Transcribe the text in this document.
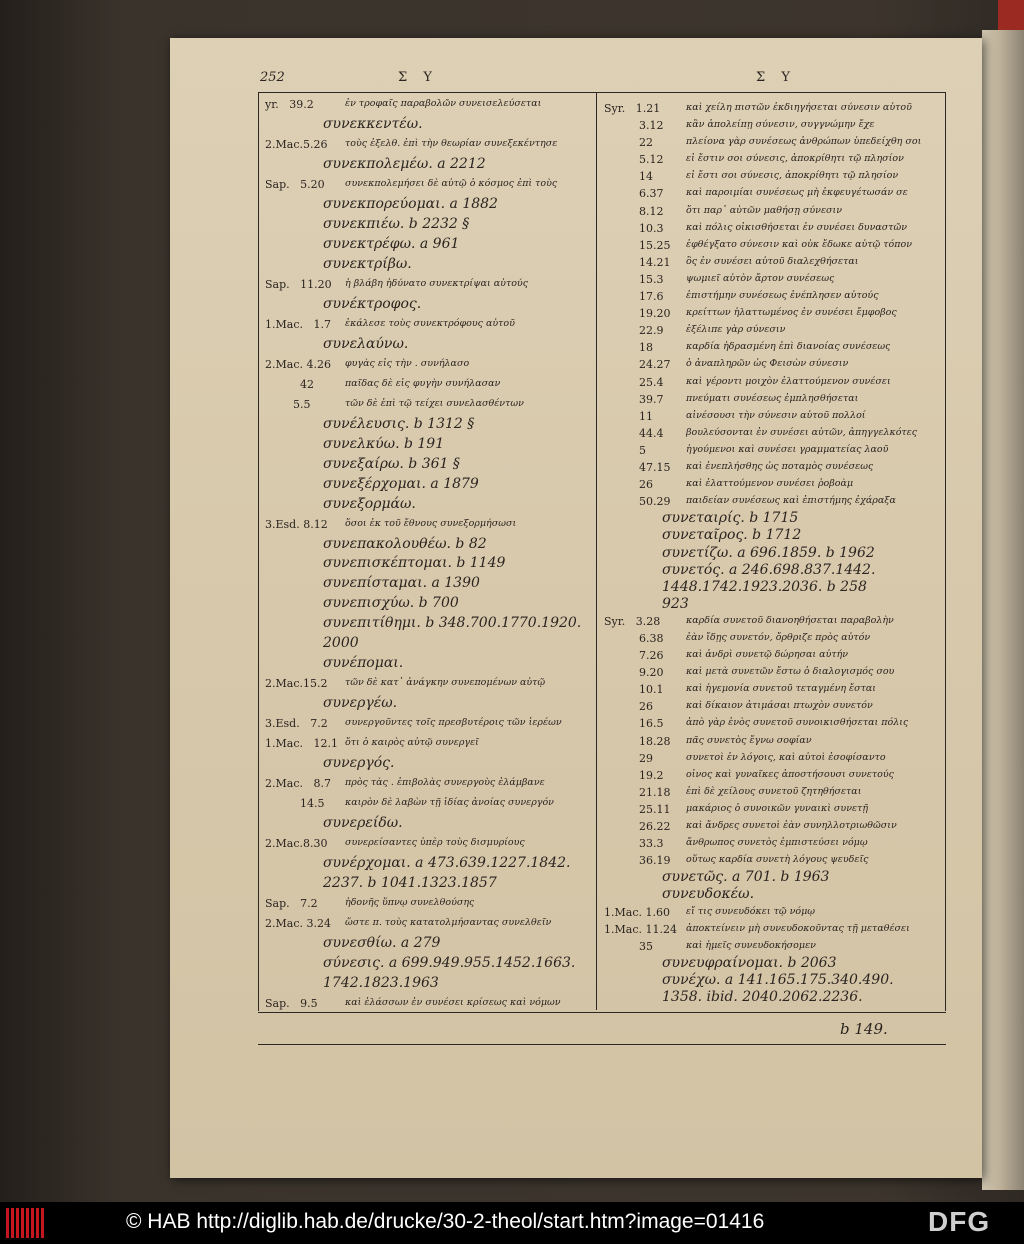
252	Σ Υ	Σ Υ
b 149.
yr.   39.2	ἐν τροφαῖς παραβολῶν συνεισελεύσεται
συνεκκεντέω.
2.Mac.5.26 τοὺς ἐξελθ. ἐπὶ τὴν θεωρίαν συνεξεκέντησε
συνεκπολεμέω. a 2212
Sap.   5.20 συνεκπολεμήσει δὲ αὐτῷ ὁ κόσμος ἐπὶ τοὺς
συνεκπορεύομαι. a 1882
συνεκπιέω. b 2232 §
συνεκτρέφω. a 961
συνεκτρίβω.
Sap.   11.20 ἡ βλάβη ἠδύνατο συνεκτρίψαι αὐτούς
συνέκτροφος.
1.Mac.   1.7 ἐκάλεσε τοὺς συνεκτρόφους αὐτοῦ
συνελαύνω.
2.Mac. 4.26 φυγὰς εἰς τὴν . συνήλασο
42	παῖδας δὲ εἰς φυγὴν συνήλασαν
5.5	τῶν δὲ ἐπὶ τῷ τείχει συνελασθέντων
συνέλευσις. b 1312 §
συνελκύω. b 191
συνεξαίρω. b 361 §
συνεξέρχομαι. a 1879
συνεξορμάω.
3.Esd. 8.12 ὅσοι ἐκ τοῦ ἔθνους συνεξορμήσωσι
συνεπακολουθέω. b 82
συνεπισκέπτομαι. b 1149
συνεπίσταμαι. a 1390
συνεπισχύω. b 700
συνεπιτίθημι. b 348.700.1770.1920.
2000
συνέπομαι.
2.Mac.15.2 τῶν δὲ κατ᾽ ἀνάγκην συνεπομένων αὐτῷ
συνεργέω.
3.Esd.   7.2 συνεργοῦντες τοῖς πρεσβυτέροις τῶν ἱερέων
1.Mac.   12.1 ὅτι ὁ καιρὸς αὐτῷ συνεργεῖ
συνεργός.
2.Mac.   8.7 πρὸς τὰς . ἐπιβολὰς συνεργοὺς ἐλάμβανε
14.5 καιρὸν δὲ λαβὼν τῇ ἰδίας ἀνοίας συνεργόν
συνερείδω.
2.Mac.8.30 συνερείσαντες ὑπὲρ τοὺς δισμυρίους
συνέρχομαι. a 473.639.1227.1842.
2237. b 1041.1323.1857
Sap.   7.2	ἡδονῆς ὕπνῳ συνελθούσης
2.Mac. 3.24 ὥστε π. τοὺς κατατολμήσαντας συνελθεῖν
συνεσθίω. a 279
σύνεσις. a 699.949.955.1452.1663.
1742.1823.1963
Sap.   9.5	καὶ ἐλάσσων ἐν συνέσει κρίσεως καὶ νόμων
Syr.   1.21	καὶ χείλη πιστῶν ἐκδιηγήσεται σύνεσιν αὐτοῦ
3.12 κἂν ἀπολείπῃ σύνεσιν, συγγνώμην ἔχε
22	πλείονα γὰρ συνέσεως ἀνθρώπων ὑπεδείχθη σοι
5.12 εἰ ἔστιν σοι σύνεσις, ἀποκρίθητι τῷ πλησίον
14	εἰ ἔστι σοι σύνεσις, ἀποκρίθητι τῷ πλησίον
6.37 καὶ παροιμίαι συνέσεως μὴ ἐκφευγέτωσάν σε
8.12 ὅτι παρ᾽ αὐτῶν μαθήσῃ σύνεσιν
10.3 καὶ πόλις οἰκισθήσεται ἐν συνέσει δυναστῶν
15.25 ἐφθέγξατο σύνεσιν καὶ οὐκ ἔδωκε αὐτῷ τόπον
14.21 ὃς ἐν συνέσει αὐτοῦ διαλεχθήσεται
15.3 ψωμιεῖ αὐτὸν ἄρτον συνέσεως
17.6 ἐπιστήμην συνέσεως ἐνέπλησεν αὐτούς
19.20 κρείττων ἡλαττωμένος ἐν συνέσει ἔμφοβος
22.9 ἐξέλιπε γὰρ σύνεσιν
18	καρδία ἠδρασμένη ἐπὶ διανοίας συνέσεως
24.27 ὁ ἀναπληρῶν ὡς Φεισὼν σύνεσιν
25.4 καὶ γέροντι μοιχὸν ἐλαττούμενον συνέσει
39.7 πνεύματι συνέσεως ἐμπλησθήσεται
11	αἰνέσουσι τὴν σύνεσιν αὐτοῦ πολλοί
44.4 βουλεύσονται ἐν συνέσει αὐτῶν, ἀπηγγελκότες
5	ἡγούμενοι καὶ συνέσει γραμματείας λαοῦ
47.15 καὶ ἐνεπλήσθης ὡς ποταμὸς συνέσεως
26	καὶ ἐλαττούμενον συνέσει ῥοβοὰμ
50.29 παιδείαν συνέσεως καὶ ἐπιστήμης ἐχάραξα
συνεταιρίς. b 1715
συνεταῖρος. b 1712
συνετίζω. a 696.1859. b 1962
συνετός. a 246.698.837.1442.
1448.1742.1923.2036. b 258
923
Syr.   3.28	καρδία συνετοῦ διανοηθήσεται παραβολὴν
6.38 ἐὰν ἴδῃς συνετόν, ὄρθριζε πρὸς αὐτόν
7.26 καὶ ἀνδρὶ συνετῷ δώρησαι αὐτήν
9.20 καὶ μετὰ συνετῶν ἔστω ὁ διαλογισμός σου
10.1 καὶ ἡγεμονία συνετοῦ τεταγμένη ἔσται
26	καὶ δίκαιον ἀτιμάσαι πτωχὸν συνετόν
16.5 ἀπὸ γὰρ ἑνὸς συνετοῦ συνοικισθήσεται πόλις
18.28 πᾶς συνετὸς ἔγνω σοφίαν
29	συνετοὶ ἐν λόγοις, καὶ αὐτοὶ ἐσοφίσαντο
19.2 οἶνος καὶ γυναῖκες ἀποστήσουσι συνετούς
21.18 ἐπὶ δὲ χείλους συνετοῦ ζητηθήσεται
25.11 μακάριος ὁ συνοικῶν γυναικὶ συνετῇ
26.22 καὶ ἄνδρες συνετοὶ ἐὰν συνηλλοτριωθῶσιν
33.3 ἄνθρωπος συνετὸς ἐμπιστεύσει νόμῳ
36.19 οὕτως καρδία συνετὴ λόγους ψευδεῖς
συνετῶς. a 701. b 1963
συνευδοκέω.
1.Mac. 1.60 εἴ τις συνευδόκει τῷ νόμῳ
1.Mac. 11.24 ἀποκτείνειν μὴ συνευδοκοῦντας τῇ μεταθέσει
35	καὶ ἡμεῖς συνευδοκήσομεν
συνευφραίνομαι. b 2063
συνέχω. a 141.165.175.340.490.
1358. ibid. 2040.2062.2236.
© HAB http://diglib.hab.de/drucke/30-2-theol/start.htm?image=01416	DFG
